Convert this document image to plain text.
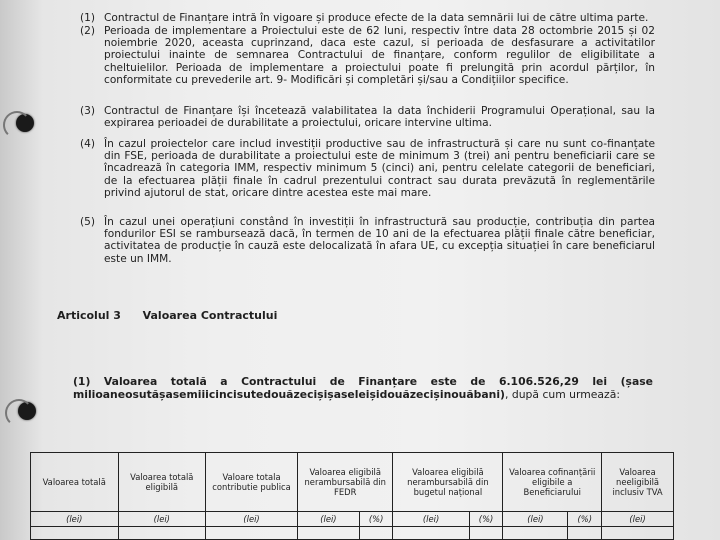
(1) Contractul de Finanțare intră în vigoare și produce efecte de la data semnării lui de către ultima parte.
(2) Perioada de implementare a Proiectului este de 62 luni, respectiv între data 28 octombrie 2015 și 02 noiembrie 2020, aceasta cuprinzand, daca este cazul, si perioada de desfasurare a activitatilor proiectului inainte de semnarea Contractului de finanțare, conform regulilor de eligibilitate a cheltuielilor. Perioada de implementare a proiectului poate fi prelungită prin acordul părților, în conformitate cu prevederile art. 9- Modificări și completări și/sau a Condițiilor specifice.
(3) Contractul de Finanțare își încetează valabilitatea la data închiderii Programului Operațional, sau la expirarea perioadei de durabilitate a proiectului, oricare intervine ultima.
(4) În cazul proiectelor care includ investiții productive sau de infrastructură și care nu sunt co-finanțate din FSE, perioada de durabilitate a proiectului este de minimum 3 (trei) ani pentru beneficiarii care se încadrează în categoria IMM, respectiv minimum 5 (cinci) ani, pentru celelate categorii de beneficiari, de la efectuarea plății finale în cadrul prezentului contract sau durata prevăzută în reglementările privind ajutorul de stat, oricare dintre acestea este mai mare.
(5) În cazul unei operațiuni constând în investiții în infrastructură sau producție, contribuția din partea fondurilor ESI se rambursează dacă, în termen de 10 ani de la efectuarea plății finale către beneficiar, activitatea de producție în cauză este delocalizată în afara UE, cu excepția situației în care beneficiarul este un IMM.
Articolul 3 Valoarea Contractului
(1) Valoarea totală a Contractului de Finanțare este de 6.106.526,29 lei (șase
milioaneosutășasemiiicincisutedouăzecișișaseleișidouăzecișinouăbani), după cum urmează:
Valoarea totală	Valoarea totală eligibilă	Valoare totala contributie publica	Valoarea eligibilă nerambursabilă din FEDR		Valoarea eligibilă nerambursabilă din bugetul național		Valoarea cofinanțării eligibile a Beneficiarului		Valoarea neeligibilă inclusiv TVA
(lei)	(lei)	(lei)	(lei)	(%)	(lei)	(%)	(lei)	(%)	(lei)
